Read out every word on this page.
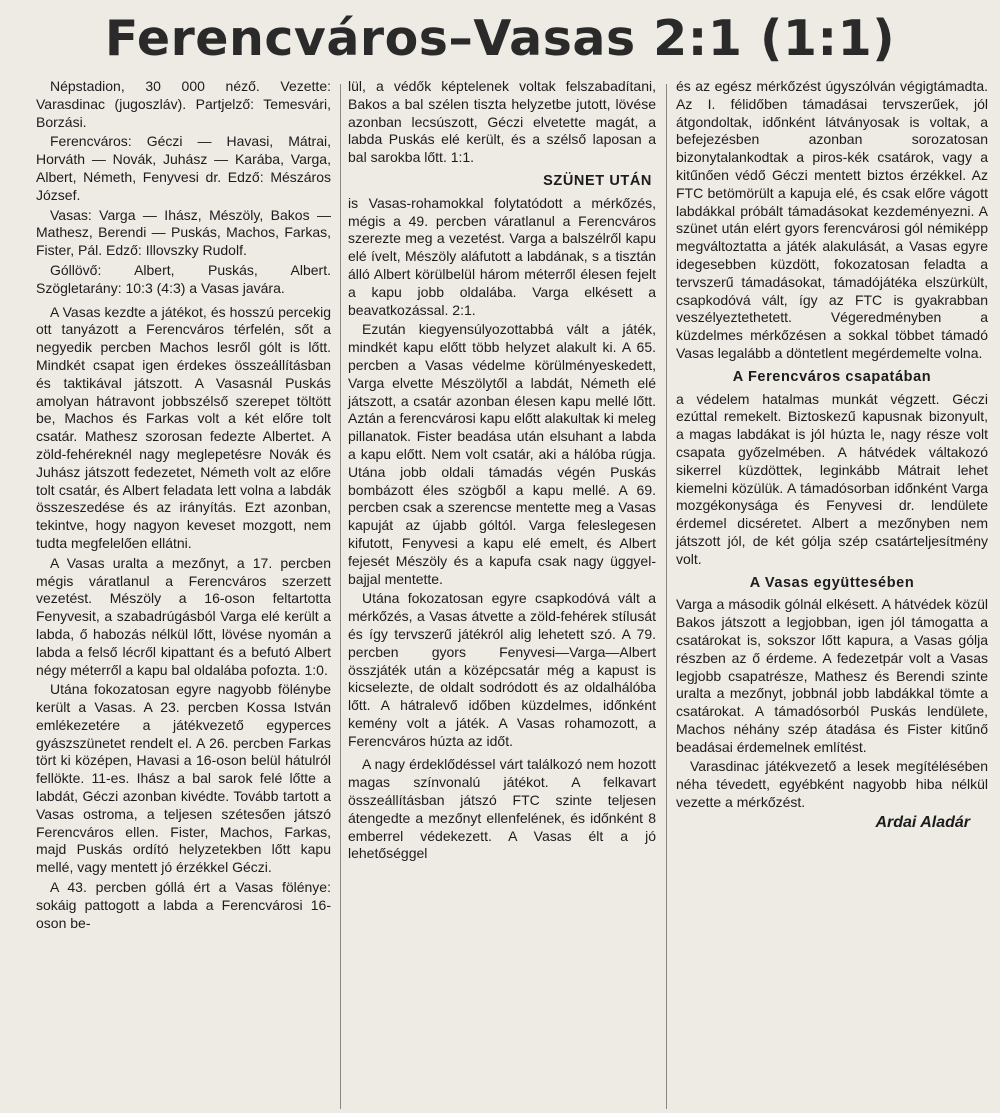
Ferencváros–Vasas 2:1 (1:1)

Népstadion, 30 000 néző. Vezette: Varasdinac (jugoszláv). Partjelző: Temesvári, Borzási.

Ferencváros: Géczi — Havasi, Mátrai, Horváth — Novák, Juhász — Karába, Varga, Albert, Németh, Fenyvesi dr. Edző: Mészáros József.

Vasas: Varga — Ihász, Mészöly, Bakos — Mathesz, Berendi — Puskás, Machos, Farkas, Fister, Pál. Edző: Illovszky Rudolf.

Góllövő: Albert, Puskás, Albert. Szögletarány: 10:3 (4:3) a Vasas javára.

A Vasas kezdte a játékot, és hosszú percekig ott tanyázott a Ferencváros térfelén, sőt a negyedik percben Machos lesről gólt is lőtt. Mindkét csapat igen érdekes összeállításban és taktikával játszott. A Vasasnál Puskás amolyan hátravont jobbszélső szerepet töltött be, Machos és Farkas volt a két előre tolt csatár. Mathesz szorosan fedezte Albertet. A zöld-fehéreknél nagy meglepetésre Novák és Juhász játszott fedezetet, Németh volt az előre tolt csatár, és Albert feladata lett volna a labdák összeszedése és az irányítás. Ezt azonban, tekintve, hogy nagyon keveset mozgott, nem tudta megfelelően ellátni.

A Vasas uralta a mezőnyt, a 17. percben mégis váratlanul a Ferencváros szerzett vezetést. Mészöly a 16-oson feltartotta Fenyvesit, a szabadrúgásból Varga elé került a labda, ő habozás nélkül lőtt, lövése nyomán a labda a felső lécről kipattant és a befutó Albert négy méterről a kapu bal oldalába pofozta. 1:0.

Utána fokozatosan egyre nagyobb fölénybe került a Vasas. A 23. percben Kossa István emlékezetére a játékvezető egyperces gyászszünetet rendelt el. A 26. percben Farkas tört ki középen, Havasi a 16-oson belül hátulról fellökte. 11-es. Ihász a bal sarok felé lőtte a labdát, Géczi azonban kivédte. Tovább tartott a Vasas ostroma, a teljesen szétesően játszó Ferencváros ellen. Fister, Machos, Farkas, majd Puskás ordító helyzetekben lőtt kapu mellé, vagy mentett jó érzékkel Géczi.

A 43. percben góllá ért a Vasas fölénye: sokáig pattogott a labda a Ferencvárosi 16-oson be-

lül, a védők képtelenek voltak felszabadítani, Bakos a bal szélen tiszta helyzetbe jutott, lövése azonban lecsúszott, Géczi elvetette magát, a labda Puskás elé került, és a szélső laposan a bal sarokba lőtt. 1:1.

SZÜNET UTÁN

is Vasas-rohamokkal folytatódott a mérkőzés, mégis a 49. percben váratlanul a Ferencváros szerezte meg a vezetést. Varga a balszélről kapu elé ívelt, Mészöly aláfutott a labdának, s a tisztán álló Albert körülbelül három méterről élesen fejelt a kapu jobb oldalába. Varga elkésett a beavatkozással. 2:1.

Ezután kiegyensúlyozottabbá vált a játék, mindkét kapu előtt több helyzet alakult ki. A 65. percben a Vasas védelme körülményeskedett, Varga elvette Mészölytől a labdát, Németh elé játszott, a csatár azonban élesen kapu mellé lőtt. Aztán a ferencvárosi kapu előtt alakultak ki meleg pillanatok. Fister beadása után elsuhant a labda a kapu előtt. Nem volt csatár, aki a hálóba rúgja. Utána jobb oldali támadás végén Puskás bombázott éles szögből a kapu mellé. A 69. percben csak a szerencse mentette meg a Vasas kapuját az újabb góltól. Varga feleslegesen kifutott, Fenyvesi a kapu elé emelt, és Albert fejesét Mészöly és a kapufa csak nagy üggyel-bajjal mentette.

Utána fokozatosan egyre csapkodóvá vált a mérkőzés, a Vasas átvette a zöld-fehérek stílusát és így tervszerű játékról alig lehetett szó. A 79. percben gyors Fenyvesi—Varga—Albert összjáték után a középcsatár még a kapust is kicselezte, de oldalt sodródott és az oldalhálóba lőtt. A hátralevő időben küzdelmes, időnként kemény volt a játék. A Vasas rohamozott, a Ferencváros húzta az időt.

A nagy érdeklődéssel várt találkozó nem hozott magas színvonalú játékot. A felkavart összeállításban játszó FTC szinte teljesen átengedte a mezőnyt ellenfelének, és időnként 8 emberrel védekezett. A Vasas élt a jó lehetőséggel

és az egész mérkőzést úgyszólván végigtámadta. Az I. félidőben támadásai tervszerűek, jól átgondoltak, időnként látványosak is voltak, a befejezésben azonban sorozatosan bizonytalankodtak a piros-kék csatárok, vagy a kitűnően védő Géczi mentett biztos érzékkel. Az FTC betömörült a kapuja elé, és csak előre vágott labdákkal próbált támadásokat kezdeményezni. A szünet után elért gyors ferencvárosi gól némiképp megváltoztatta a játék alakulását, a Vasas egyre idegesebben küzdött, fokozatosan feladta a tervszerű támadásokat, támadójátéka elszürkült, csapkodóvá vált, így az FTC is gyakrabban veszélyeztethetett. Végeredményben a küzdelmes mérkőzésen a sokkal többet támadó Vasas legalább a döntetlent megérdemelte volna.

A Ferencváros csapatában

a védelem hatalmas munkát végzett. Géczi ezúttal remekelt. Biztoskezű kapusnak bizonyult, a magas labdákat is jól húzta le, nagy része volt csapata győzelmében. A hátvédek váltakozó sikerrel küzdöttek, leginkább Mátrait lehet kiemelni közülük. A támadósorban időnként Varga mozgékonysága és Fenyvesi dr. lendülete érdemel dicséretet. Albert a mezőnyben nem játszott jól, de két gólja szép csatárteljesítmény volt.

A Vasas együttesében

Varga a második gólnál elkésett. A hátvédek közül Bakos játszott a legjobban, igen jól támogatta a csatárokat is, sokszor lőtt kapura, a Vasas gólja részben az ő érdeme. A fedezetpár volt a Vasas legjobb csapatrésze, Mathesz és Berendi szinte uralta a mezőnyt, jobbnál jobb labdákkal tömte a csatárokat. A támadósorból Puskás lendülete, Machos néhány szép átadása és Fister kitűnő beadásai érdemelnek említést.

Varasdinac játékvezető a lesek megítélésében néha tévedett, egyébként nagyobb hiba nélkül vezette a mérkőzést.

Ardai Aladár
